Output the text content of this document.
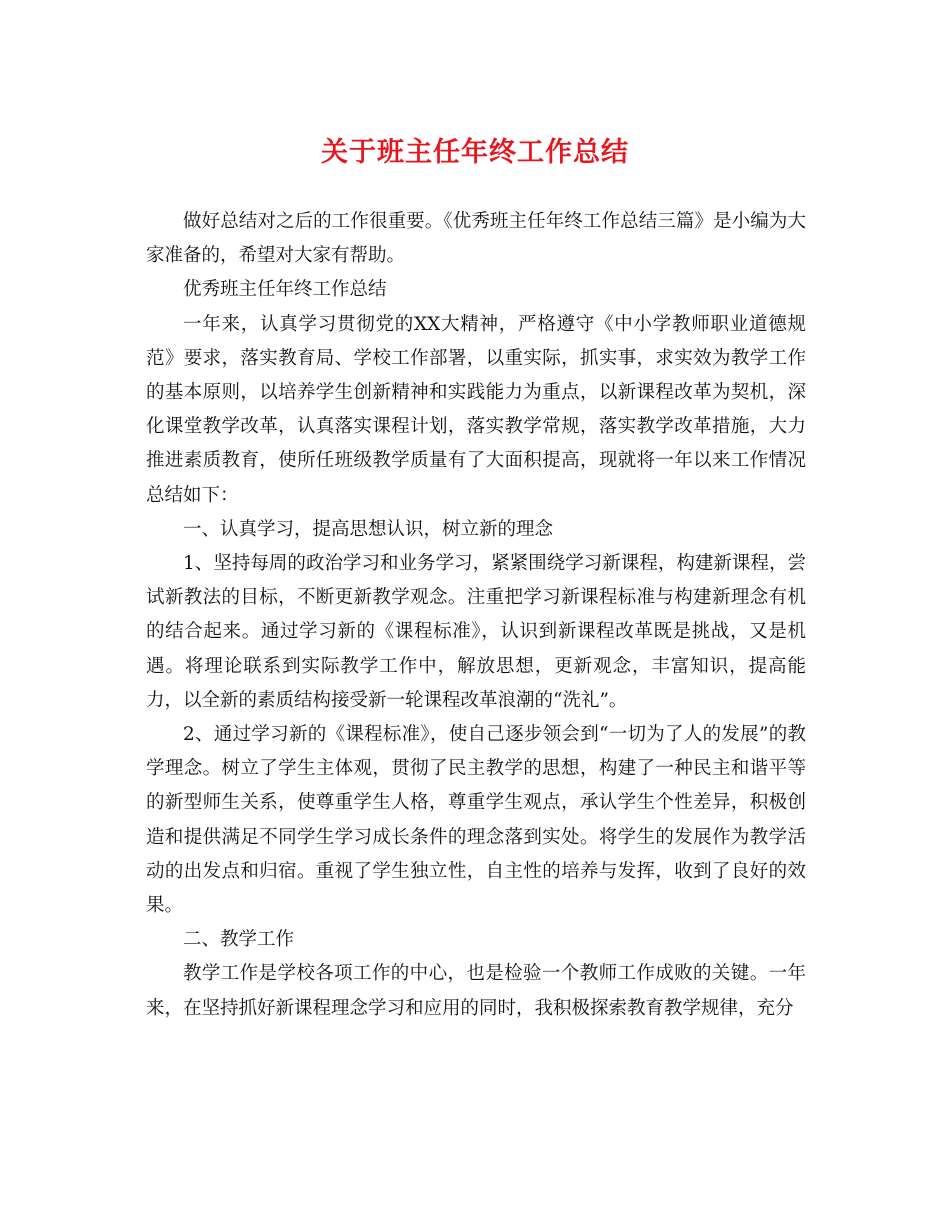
关于班主任年终工作总结

做好总结对之后的工作很重要。《优秀班主任年终工作总结三篇》是小编为大家准备的，希望对大家有帮助。

优秀班主任年终工作总结

一年来，认真学习贯彻党的XX大精神，严格遵守《中小学教师职业道德规范》要求，落实教育局、学校工作部署，以重实际，抓实事，求实效为教学工作的基本原则，以培养学生创新精神和实践能力为重点，以新课程改革为契机，深化课堂教学改革，认真落实课程计划，落实教学常规，落实教学改革措施，大力推进素质教育，使所任班级教学质量有了大面积提高，现就将一年以来工作情况总结如下：

一、认真学习，提高思想认识，树立新的理念

1、坚持每周的政治学习和业务学习，紧紧围绕学习新课程，构建新课程，尝试新教法的目标，不断更新教学观念。注重把学习新课程标准与构建新理念有机的结合起来。通过学习新的《课程标准》，认识到新课程改革既是挑战，又是机遇。将理论联系到实际教学工作中，解放思想，更新观念，丰富知识，提高能力，以全新的素质结构接受新一轮课程改革浪潮的“洗礼”。

2、通过学习新的《课程标准》，使自己逐步领会到“一切为了人的发展”的教学理念。树立了学生主体观，贯彻了民主教学的思想，构建了一种民主和谐平等的新型师生关系，使尊重学生人格，尊重学生观点，承认学生个性差异，积极创造和提供满足不同学生学习成长条件的理念落到实处。将学生的发展作为教学活动的出发点和归宿。重视了学生独立性，自主性的培养与发挥，收到了良好的效果。

二、教学工作

教学工作是学校各项工作的中心，也是检验一个教师工作成败的关键。一年来，在坚持抓好新课程理念学习和应用的同时，我积极探索教育教学规律，充分
